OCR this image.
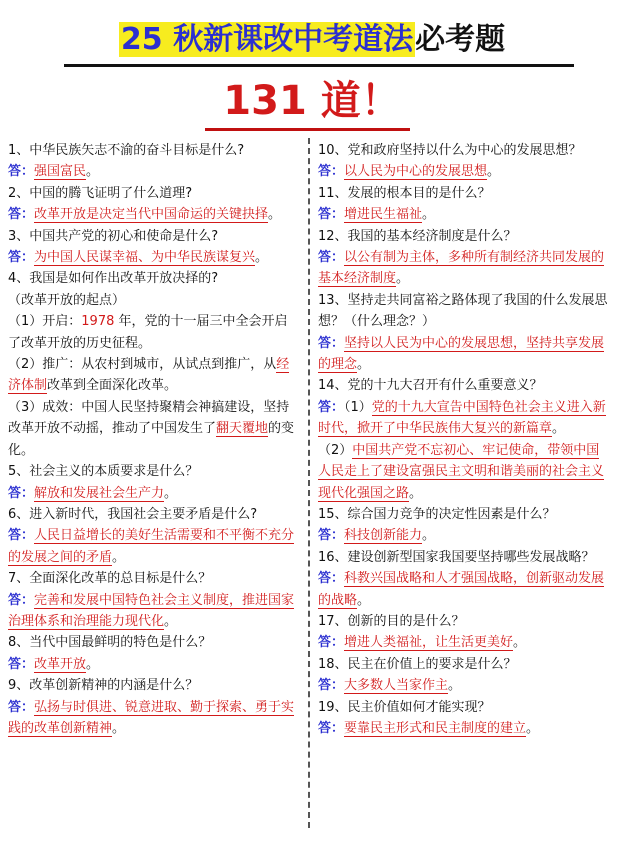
25 秋新课改中考道法必考题
131 道！
1、中华民族矢志不渝的奋斗目标是什么?
答：强国富民。
2、中国的腾飞证明了什么道理?
答：改革开放是决定当代中国命运的关键抉择。
3、中国共产党的初心和使命是什么?
答：为中国人民谋幸福、为中华民族谋复兴。
4、我国是如何作出改革开放决择的?
（改革开放的起点）
（1）开启：1978 年，党的十一届三中全会开启了改革开放的历史征程。
（2）推广：从农村到城市，从试点到推广，从经济体制改革到全面深化改革。
（3）成效：中国人民坚持聚精会神搞建设，坚持改革开放不动摇，推动了中国发生了翻天覆地的变化。
5、社会主义的本质要求是什么？
答：解放和发展社会生产力。
6、进入新时代，我国社会主要矛盾是什么?
答：人民日益增长的美好生活需要和不平衡不充分的发展之间的矛盾。
7、全面深化改革的总目标是什么？
答：完善和发展中国特色社会主义制度，推进国家治理体系和治理能力现代化。
8、当代中国最鲜明的特色是什么？
答：改革开放。
9、改革创新精神的内涵是什么？
答：弘扬与时俱进、锐意进取、勤于探索、勇于实践的改革创新精神。
10、党和政府坚持以什么为中心的发展思想？
答：以人民为中心的发展思想。
11、发展的根本目的是什么？
答：增进民生福祉。
12、我国的基本经济制度是什么？
答：以公有制为主体，多种所有制经济共同发展的基本经济制度。
13、坚持走共同富裕之路体现了我国的什么发展思想？（什么理念？）
答：坚持以人民为中心的发展思想，坚持共享发展的理念。
14、党的十九大召开有什么重要意义？
答：（1）党的十九大宣告中国特色社会主义进入新时代，掀开了中华民族伟大复兴的新篇章。
（2）中国共产党不忘初心、牢记使命，带领中国人民走上了建设富强民主文明和谐美丽的社会主义现代化强国之路。
15、综合国力竞争的决定性因素是什么？
答：科技创新能力。
16、建设创新型国家我国要坚持哪些发展战略？
答：科教兴国战略和人才强国战略，创新驱动发展的战略。
17、创新的目的是什么？
答：增进人类福祉，让生活更美好。
18、民主在价值上的要求是什么？
答：大多数人当家作主。
19、民主价值如何才能实现？
答：要靠民主形式和民主制度的建立。
